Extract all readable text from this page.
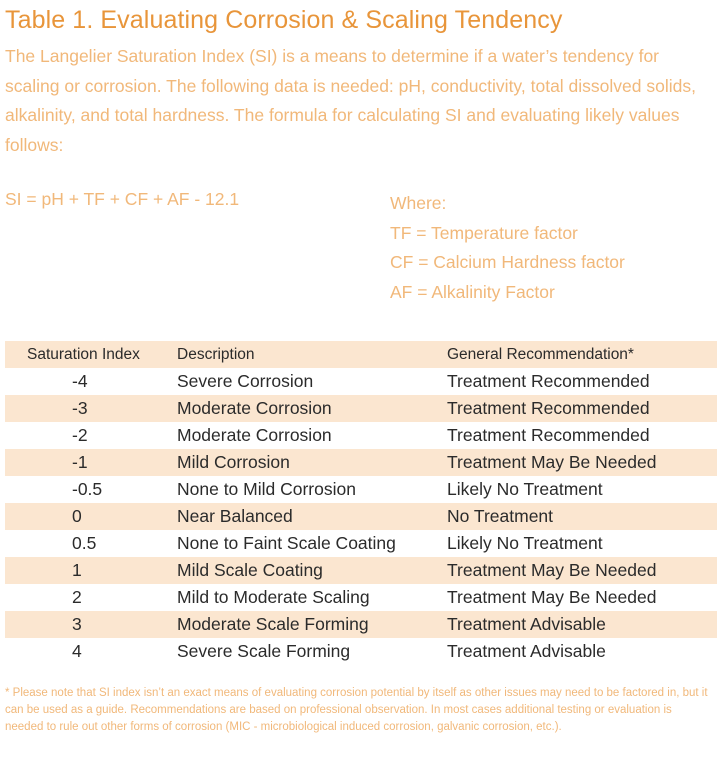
Table 1. Evaluating Corrosion & Scaling Tendency
The Langelier Saturation Index (SI) is a means to determine if a water’s tendency for scaling or corrosion. The following data is needed: pH, conductivity, total dissolved solids, alkalinity, and total hardness. The formula for calculating SI and evaluating likely values follows:
SI = pH + TF + CF + AF - 12.1	Where:
TF = Temperature factor
CF = Calcium Hardness factor
AF = Alkalinity Factor
Saturation Index	Description	General Recommendation*
-4	Severe Corrosion	Treatment Recommended
-3	Moderate Corrosion	Treatment Recommended
-2	Moderate Corrosion	Treatment Recommended
-1	Mild Corrosion	Treatment May Be Needed
-0.5	None to Mild Corrosion	Likely No Treatment
0	Near Balanced	No Treatment
0.5	None to Faint Scale Coating	Likely No Treatment
1	Mild Scale Coating	Treatment May Be Needed
2	Mild to Moderate Scaling	Treatment May Be Needed
3	Moderate Scale Forming	Treatment Advisable
4	Severe Scale Forming	Treatment Advisable
* Please note that SI index isn’t an exact means of evaluating corrosion potential by itself as other issues may need to be factored in, but it can be used as a guide. Recommendations are based on professional observation. In most cases additional testing or evaluation is needed to rule out other forms of corrosion (MIC - microbiological induced corrosion, galvanic corrosion, etc.).
